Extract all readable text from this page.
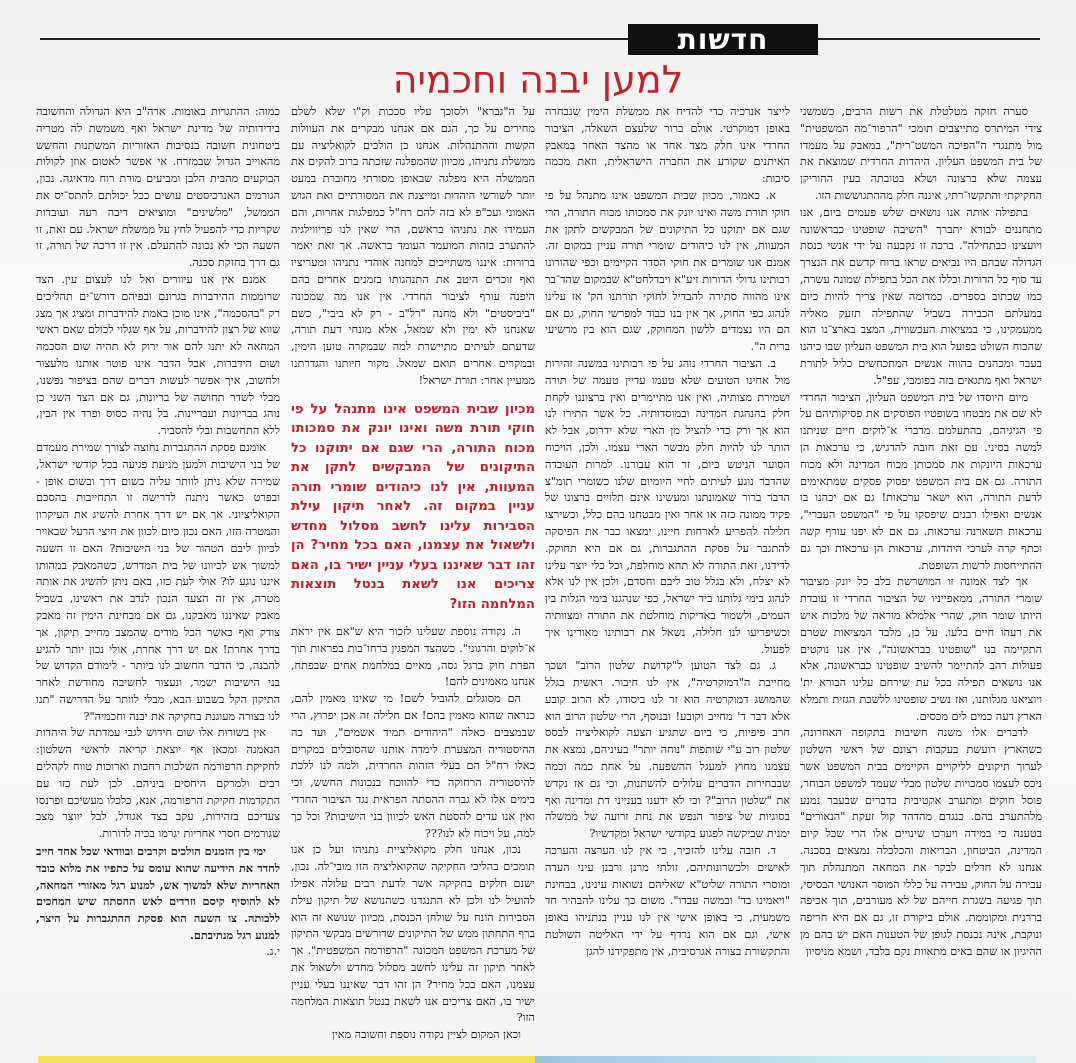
חדשות
למען יבנה וחכמיה

סערה חזקה מטלטלת את רשות הרבים, כשמשני צידי המיתרס מתייצבים תומכי "הרפור־מה המשפטית" מול מתנגדי ה"הפיכה המשט־רית", במאבק על מעמדו של בית המשפט העליון. היהדות החרדית שמוצאת את עצמה שלא ברצונה ושלא בטובתה בעין ההוריקן החקיקתי והתקשו־רתי, איננה חלק מההתגוששות הזו.

בתפילה אותה אנו נושאים שלש פעמים ביום, אנו מתחננים לבורא יתברך "השיבה שופטינו כבראשונה ויועצינו כבתחילה". ברכה זו נקבעה על ידי אנשי כנסת הגדולה שבהם היו נביאים שראו ברוח קדשם את הנצרך עד סוף כל הדורות וכללו את הכל בתפילת שמונה עשרה, כמו שכתוב בספרים. כמדומה שאין צריך להיות כיום במעלתם הכבירה בשביל שהתפילה תזעק מאליה ממעמקינו, כי במציאות העכשווית, המצב בארצ־נו הוא שהכוח השולט בפועל הוא בית המשפט העליון שבו כיהנו בעבר ומכהנים בהווה אנשים המתכחשים כליל לתורת ישראל ואף מתגאים בזה בפומבי, עפ"ל.

מיום היוסדו של בית המשפט העליון, הציבור החרדי לא שם את מבטחו בשופטיו הפוסקים את פסיקותיהם על פי הגיגיהם, בהתעלמם מדברי א־לוקים חיים שניתנו למשה בסיני. עם זאת חובה להדגיש, כי ערכאות הן ערכאות היונקות את סמכותן מכוח המדינה ולא מכוח התורה. גם אם בית המשפט יפסוק פסקים שמתאימים לדעת התורה, הוא ישאר ערכאות! גם אם יכהנו בו אנשים ואפילו רבנים שיפסקו על פי "המשפט העברי", ערכאות תשארנה ערכאות. גם אם לא יפנו עורף קשה וכתף קרה לערכי היהדות, ערכאות הן ערכאות וכך גם ההתייחסות לרשות השופטת.

אך לצד אמונה זו המושרשת בלב כל יונק מציבור שומרי התורה, ממאפייניו של הציבור החרדי זו עובדת היותו שומר חוק, שהרי אלמלא מוראה של מלכות איש את רעהו חיים בלעו. על כן, מלבד המציאות שטרם התקיימה בנו "שופטינו כבראשונה", אין אנו נוקטים פעולות רהב להתיימר להשיב שופטינו כבראשונה, אלא אנו נושאים תפילה בכל עת שירחם עלינו הבורא ית' ויוציאנו מגלותנו, ואז נשיב שופטינו ללשכת הגזית ותמלא הארץ דעה כמים לים מכסים.

לדברים אלו משנה חשיבות בתקופה האחרונה, כשהארץ רועשת בעקבות רצונם של ראשי השלטון לערוך תיקונים לליקויים הקיימים בבית המשפט אשר ניכס לעצמו סמכויות שלטון מבלי שעמד למשפט הבוחר, פוסל חוקים ומתערב אקטיבית בדברים שבעבר נמנע מלהתערב בהם. כנגדם מהדהד קול זעקת "הנאורים" בטענה כי במידה ויערכו שינויים אלו הרי שכל קיום המדינה, הביטחון, הבריאות והכלכלה נמצאים בסכנה. אנחנו לא חדלים לבקר את המחאה המתנהלת תוך עבירה על החוק, עבירה על כללי המוסר האנושי הבסיסי, תוך פגיעה בשגרת חייהם של לא מעורבים, תוך אכיפה בררנית ומקוממת. אולם ביקורת זו, גם אם היא חריפה ונוקבת, אינה נכנסת לגופן של הטענות האם יש בהם מן ההיגיון או שהם באים מתאוות נקם בלבד, ושמא מניסיון

לייצר אנרכיה כדי להדיח את ממשלת הימין שנבחרה באופן דמוקרטי. אולם ברור שלעצם השאלה, הציבור החרדי אינו חלק מצד אחד או מהצד האחר במאבק האיתנים שקורע את החברה הישראלית, וזאת מכמה סיבות:

א. כאמור, מכיון שבית המשפט אינו מתנהל על פי חוקי תורת משה ואינו יונק את סמכותו מכוח התורה, הרי שגם אם יתוקנו כל התיקונים של המבקשים לתקן את המעוות, אין לנו כיהודים שומרי תורה עניין במקום זה. אמנם אנו שומרים את חוקי הסדר הקיימים וכפי שהורונו רבותינו גדולי הדורות זיע"א ויבדלחט"א שבמקום שהד־בר אינו מהווה סתירה להבדיל לחוקי תורתנו הק' אז עלינו לנהוג כפי החוק, אך אין בנו כבוד למפרשי החוק, גם אם הם היו נצמדים ללשון המחוקק, שגם הוא בין מרשיעי ברית ה".

ב. הציבור החרדי נוהג על פי רבותינו במשנה זהירות מול אחינו הטועים שלא טעמו עדיין טעמה של תורה ושמירת מצותיה, ואין אנו מתיימרים ואין ברצוננו לקחת חלק בהנהגת המדינה ובמוסדותיה. כל אשר התירו לנו הוא אך ורק כדי להציל מן הארי שלא ידרוס, אבל לא הותר לנו להיות חלק מבשר הארי עצמו. ולכן, הויכוח הסוער הניטש כיום, זר הוא עבורנו. למרות העובדה שהדבר נוגע לעיתים לחיי היומיום שלנו כשומרי תומ"צ הדבר ברור שאמונתנו ומעשינו אינם תלויים ברצונו של פקיד ממונה כזה או אחר ואין מבטחנו בהם כלל, וכשירצו חלילה להפריע לארחות חיינו, ימצאו כבר את הפיסקה להתגבר על פסקת ההתגברות, גם אם היא תחוקק. לדידנו, זאת התורה לא תהא מוחלפת, וכל כלי יוצר עלינו לא יצלח, ולא בגלל טוב ליבם וחסדם, ולכן אין לנו אלא לנהוג בימי גלותנו ביד ישראל, כפי שנהגנו בימי הגלות בין העמים, ולשמור באדיקות מוחלטת את התורה ומצוותיה וכשיפריעו לנו חלילה, נשאל את רבותינו מאורינו איך לפעול.

ג. גם לצד הטוען ל"קדושת שלטון הרוב" ושכך מחייבת ה"דמוקרטיה", אין לנו חיבור. ראשית בגלל שהמושג דמוקרטיה הוא זר לנו ביסודו, לא הרוב קובע אלא דבר ד' מחייב וקובע! ובנוסף, הרי שלטון הרוב הוא חרב פיפיות, כי ביום שתגיע הצעה לקואליציה לבסס שלטון רוב ע"י שותפות "נוחה יותר" בעיניהם, נמצא את עצמנו מחוץ למעגל ההשפעה. על אחת כמה וכמה שבבחירות הדברים עלולים להשתנות, וכי גם אז נקדש את "שלטון הרוב"? וכי לא ידענו בענייני דת ומדינה ואף בסוגיות של ציפור הנפש את נחת זרועה של ממשלה ימנית שביקשה לפגוע בקודשי ישראל ומקדשיו?

ד. חובה עלינו להזכיר, כי אין לנו הערצה והערכה לאישים ולכשרונותיהם, זולתי מרנן ורבנן עיני העדה ומוסרי התורה שליט"א שאליהם נשואות עינינו, בבחינת "ויאמינו בד' ובמשה עבדו". משום כך עלינו להבהיר חד משמעית, כי באופן אישי אין לנו עניין בנתניהו באופן אישי, וגם אם הוא נרדף על ידי האליטה השולטת והתקשורת בצורה אגרסיבית, אין מתפקידנו להגן

על ה"גברא" ולסוכך עליו סככות וק"ו שלא לשלם מחירים על כך, הגם אם אנחנו מבקרים את העוולות הקשות וההתנהלות. אנחנו כן הולכים לקואליציה עם ממשלת נתניהו, מכיוון שהמפלגה שזכתה ברוב להקים את הממשלה היא מפלגה שבאופן מסורתי מחוברת במעט יותר לשורשי היהדות ומייצגת את המסורתיים ואת הגוש האמוני ועכ"פ לא בזה להם רח"ל כמפלגות אחרות, והם העמידו את נתניהו בראשם, הרי שאין לנו פריווילגיה להתערב בזהות המועמד העומד בראשה. אך זאת יאמר ברורות: איננו משתייכים למחנה אוהדי נתניהו ומעריציו ואף זוכרים היטב את התנהגותו בזמנים אחרים בהם היפנה עורף לציבור החרדי. אין אנו מה שמכונה "ביביסטים" ולא מחנה "רל"ב - רק לא ביבי", כשם שאנחנו לא ימין ולא שמאל, אלא מונחי דעת תורה, שדעתם לעיתים מתיישרת למה שבמקרה טוען הימין, ובמקרים אחרים תואם שמאל. מקור חיותנו והגדרתנו ממעיין אחר: תורת ישראל!

מכיון שבית המשפט אינו מתנהל על פי חוקי תורת משה ואינו יונק את סמכותו מכוח התורה, הרי שגם אם יתוקנו כל התיקונים של המבקשים לתקן את המעוות, אין לנו כיהודים שומרי תורה עניין במקום זה. לאחר תיקון עילת הסבירות עלינו לחשב מסלול מחדש ולשאול את עצמנו, האם בכל מחיר? הן זהו דבר שאיננו בעלי עניין ישיר בו, האם צריכים אנו לשאת בנטל תוצאות המלחמה הזו?

ה. נקודה נוספת שעלינו לזכור היא ש"אם אין יראת א־לוקים והרגוני". כשהצד המפגין ברחו־בות בפראות תוך הפרת חוק ברגל גסה, מאיים במלחמת אחים שבפתח, אנחנו מאמינים להם!

הם מסוגלים להוביל לשם! מי שאינו מאמין להם, כנראה שהוא מאמין בהם! אם חלילה זה אכן יפרוץ, הרי שבמצבים כאלה "היהודים תמיד אשמים", ועד כה ההיסטוריה המצערת לימדה אותנו שהסובלים במקרים כאלו רח"ל הם בעלי הזהות החרדית, ולמה לנו ללכת להיסטוריה הרחוקה כדי להווכח בנכונות החשש, וכי בימים אלו לא גברה ההסתה הפראית נגד הציבור החרדי ואין אנו עדים להסטת האש לכיוון בני הישיבות? וכל כך למה, על ויכוח לא לנו???

נכון, אנחנו חלק מקואליציית נתניהו ועל כן אנו תומכים בהליכי החקיקה שהקואליציה הזו מובי־לה. נכון, ישנם חלקים בחקיקה אשר לדעת רבים עלולה אפילו להועיל לנו ולכן לא התנגדנו כשהנושא של תיקון עילת הסבירות הונח על שולחן הכנסת, מכיוון שנושא זה הוא ברף התחתון ממש של התיקונים שדורשים מבקשי התיקון של מערכת המשפט המכונה "הרפורמה המשפטית". אך לאחר תיקון זה עלינו לחשב מסלול מחדש ולשאול את עצמנו, האם בכל מחיר? הן זהו דבר שאיננו בעלי עניין ישיר בו, האם צריכים אנו לשאת בנטל תוצאות המלחמה הזו?

וכאן המקום לציין נקודה נוספת וחשובה מאין

כמוה: ההתגרות באומות. ארה"ב היא הגדולה והחשובה בידידותיה של מדינת ישראל ואף משמשת לה מטריה ביטחונית חשובה בנסיבות האזוריות המשתנות והחשש מהאוייב הגדול שבמזרח. אי אפשר לאטום אוזן לקולות הבוקעים מהבית הלבן ומביעים מורת רוח מדאיגה. נכון, הגורמים האנרכיסטים עושים ככל יכולתם להתס־יס את הממשל, "מלשינים" ומוציאים דיבה רעה ועובדות שקריות כדי להפעיל לחץ על ממשלת ישראל. עם זאת, זו השעה הכי לא נכונה להתעלם. אין זו דרכה של תורה, זו גם דרך בחזקת סכנה.

אמנם אין אנו עיוורים ואל לנו לעצום עין. הצד שרוממות ההידברות בגרונם ובפיהם דורש־ים תהליכים רק "בהסכמה", אינו מוכן באמת להידברות ומציג אך מצג שווא של רצון להידברות, על אף שגלוי לכולם שאם ראשי המחאה לא יתנו להם אור ירוק לא תהיה שום הסכמה ושום הידברות, אבל הדבר אינו פוטר אותנו מלעצור ולחשוב, איך אפשר לעשות דברים שהם בציפור נפשנו, מבלי לשדר תחושה של בריונות, גם אם הצד השני כן נוהג בבריונות ועבריינות. בל נהיה כסוס ופרד אין הבין, ללא התחשבות ובלי להסביר.

אומנם פסקת ההתגברות נחוצה לצורך שמירת מעמדם של בני הישיבות ולמען מניעת פגיעה בכל קודשי ישראל, שמירה שלא ניתן לוותר עליה בשום דרך ובשום אופן - ובפרט כאשר ניתנה לדרישה זו התחייבות בהסכם הקואליציוני. אך אם יש דרך אחרת להשיג את העיקרון והמטרה הזו, האם נכון כיום לכוון את חיצי הרעל שבאויר לכיוון ליבם הטהור של בני הישיבות? האם זו השעה למשוך אש לכיוונו של בית המדרש, כשהמאבק במהותו איננו נוגע לו? אולי לעת כזו, באם ניתן להשיג את אותה מטרה, אין זה הצעד הנכון לנדב את ראשינו, בשביל מאבק שאיננו מאבקנו, גם אם מבחינת הימין זה מאבק צודק ואף כאשר הכל מודים שהמצב מחייב תיקון, אך בדרך אחרת! אם יש דרך אחרת, אולי נכון יותר להגיע להבנה, כי הדבר החשוב לנו ביותר - לימודם הקדוש של בני הישיבות ישמר, ונעצור לחשיבה מחודשת לאחר התיקון הקל בשבוע הבא, מבלי לוותר על הדרישה "תנו לנו בצורה מעוגנת בחקיקה את יבנה וחכמיה"?

אין בשורות אלו שום חידוש לגבי עמדתה של היהדות הנאמנה ומכאן אף יוצאת קריאה לראשי השלטון: לחקיקת הרפורמה השלכות רחבות וארוכות טווח לקהלים רבים ולמרקם היחסים ביניהם. לכן לעת כזו עם התקדמות חקיקת הרפורמה, אנא, כלכלו מעשיכם ופרנסו צעדיכם בזהירות, עקב בצד אגודל, לבל יווצר מצב שגורמים חסרי אחריות יגרמו בכיה לדורות.

ימי בין הזמנים הולכים וקרבים ובוודאי שכל אחד חייב לחדד את הידיעה שהוא עומס על כתפיו את מלוא כובד האחריות שלא למשוך אש, למנוע רגל מאזורי המחאה, לא להוסיף קיסם וזרדים לאש ההסתה שיש המחכים ללבותה. צו השעה הוא פסקת ההתגברות על היצר, למנוע רגל מנתיבתם.

י.ג.
